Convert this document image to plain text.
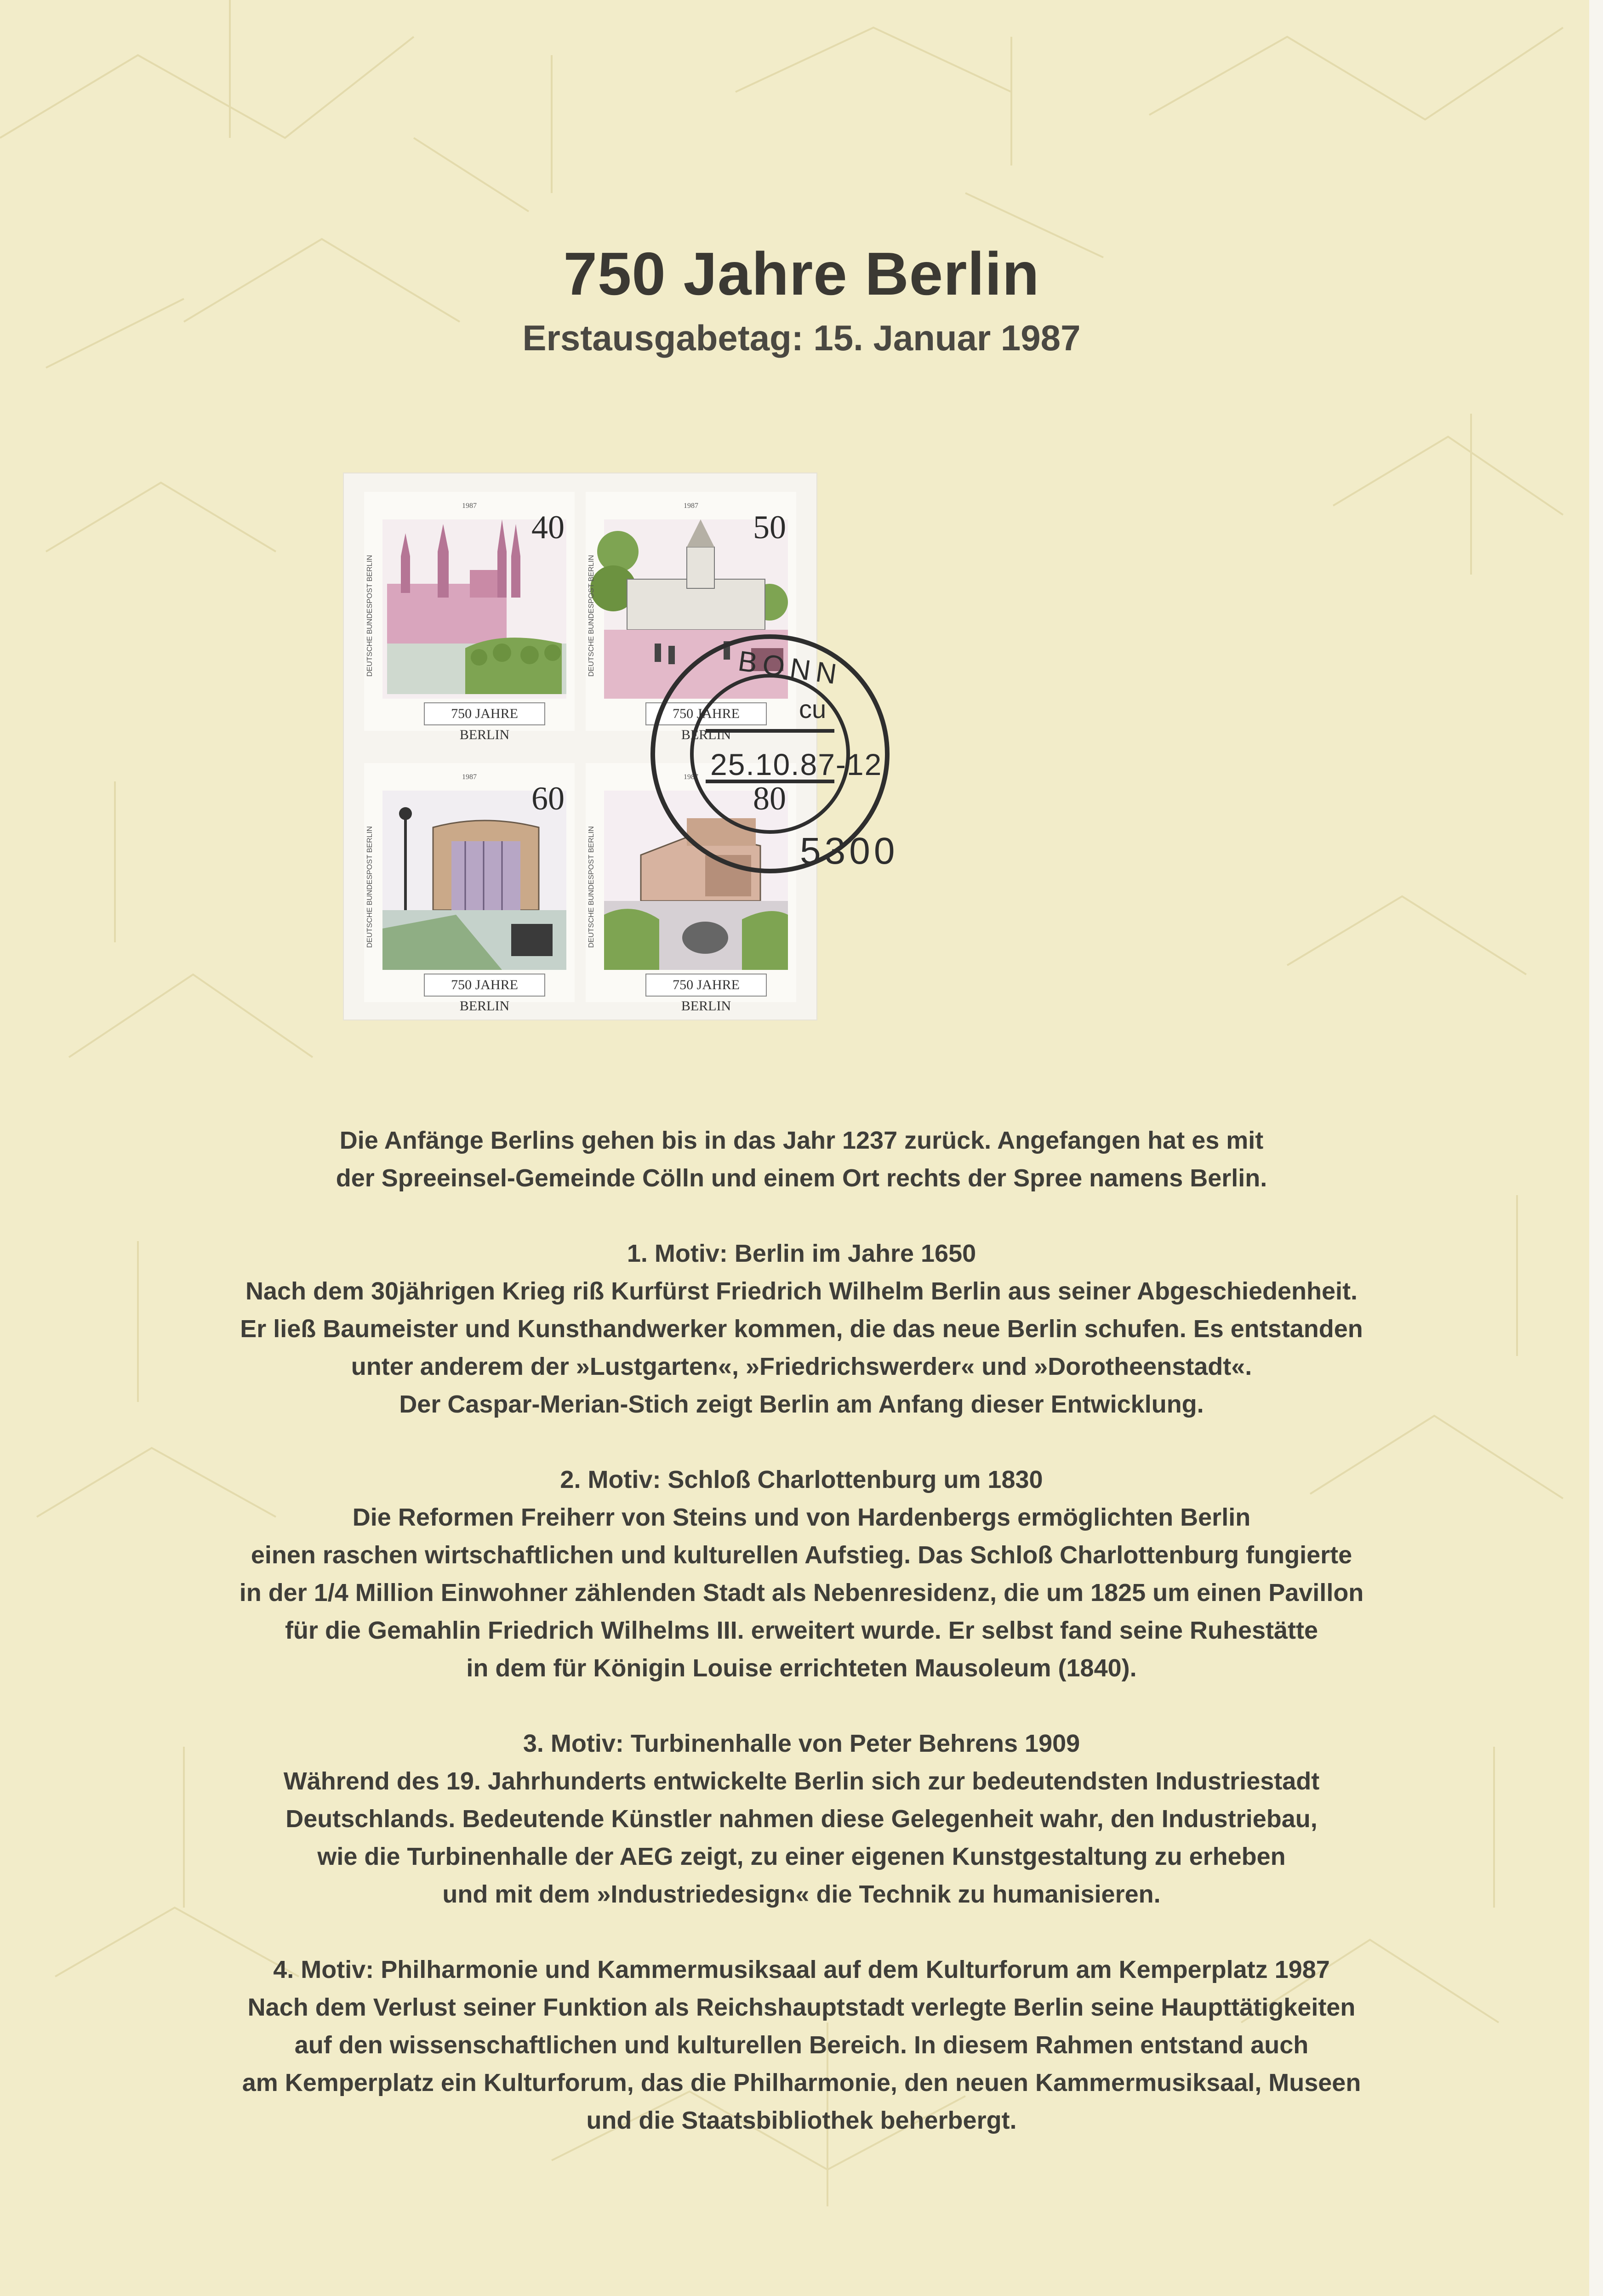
750 Jahre Berlin
Erstausgabetag: 15. Januar 1987
1987
40
DEUTSCHE BUNDESPOST BERLIN
750 JAHRE BERLIN
1987
50
DEUTSCHE BUNDESPOST BERLIN
750 JAHRE BERLIN
1987
60
DEUTSCHE BUNDESPOST BERLIN
750 JAHRE BERLIN
1987
80
DEUTSCHE BUNDESPOST BERLIN
750 JAHRE BERLIN
BONN
cu
25.10.87-12
5300

Die Anfänge Berlins gehen bis in das Jahr 1237 zurück. Angefangen hat es mit
der Spreeinsel-Gemeinde Cölln und einem Ort rechts der Spree namens Berlin.

1. Motiv: Berlin im Jahre 1650
Nach dem 30jährigen Krieg riß Kurfürst Friedrich Wilhelm Berlin aus seiner Abgeschiedenheit.
Er ließ Baumeister und Kunsthandwerker kommen, die das neue Berlin schufen. Es entstanden
unter anderem der »Lustgarten«, »Friedrichswerder« und »Dorotheenstadt«.
Der Caspar-Merian-Stich zeigt Berlin am Anfang dieser Entwicklung.

2. Motiv: Schloß Charlottenburg um 1830
Die Reformen Freiherr von Steins und von Hardenbergs ermöglichten Berlin
einen raschen wirtschaftlichen und kulturellen Aufstieg. Das Schloß Charlottenburg fungierte
in der 1/4 Million Einwohner zählenden Stadt als Nebenresidenz, die um 1825 um einen Pavillon
für die Gemahlin Friedrich Wilhelms III. erweitert wurde. Er selbst fand seine Ruhestätte
in dem für Königin Louise errichteten Mausoleum (1840).

3. Motiv: Turbinenhalle von Peter Behrens 1909
Während des 19. Jahrhunderts entwickelte Berlin sich zur bedeutendsten Industriestadt
Deutschlands. Bedeutende Künstler nahmen diese Gelegenheit wahr, den Industriebau,
wie die Turbinenhalle der AEG zeigt, zu einer eigenen Kunstgestaltung zu erheben
und mit dem »Industriedesign« die Technik zu humanisieren.

4. Motiv: Philharmonie und Kammermusiksaal auf dem Kulturforum am Kemperplatz 1987
Nach dem Verlust seiner Funktion als Reichshauptstadt verlegte Berlin seine Haupttätigkeiten
auf den wissenschaftlichen und kulturellen Bereich. In diesem Rahmen entstand auch
am Kemperplatz ein Kulturforum, das die Philharmonie, den neuen Kammermusiksaal, Museen
und die Staatsbibliothek beherbergt.
